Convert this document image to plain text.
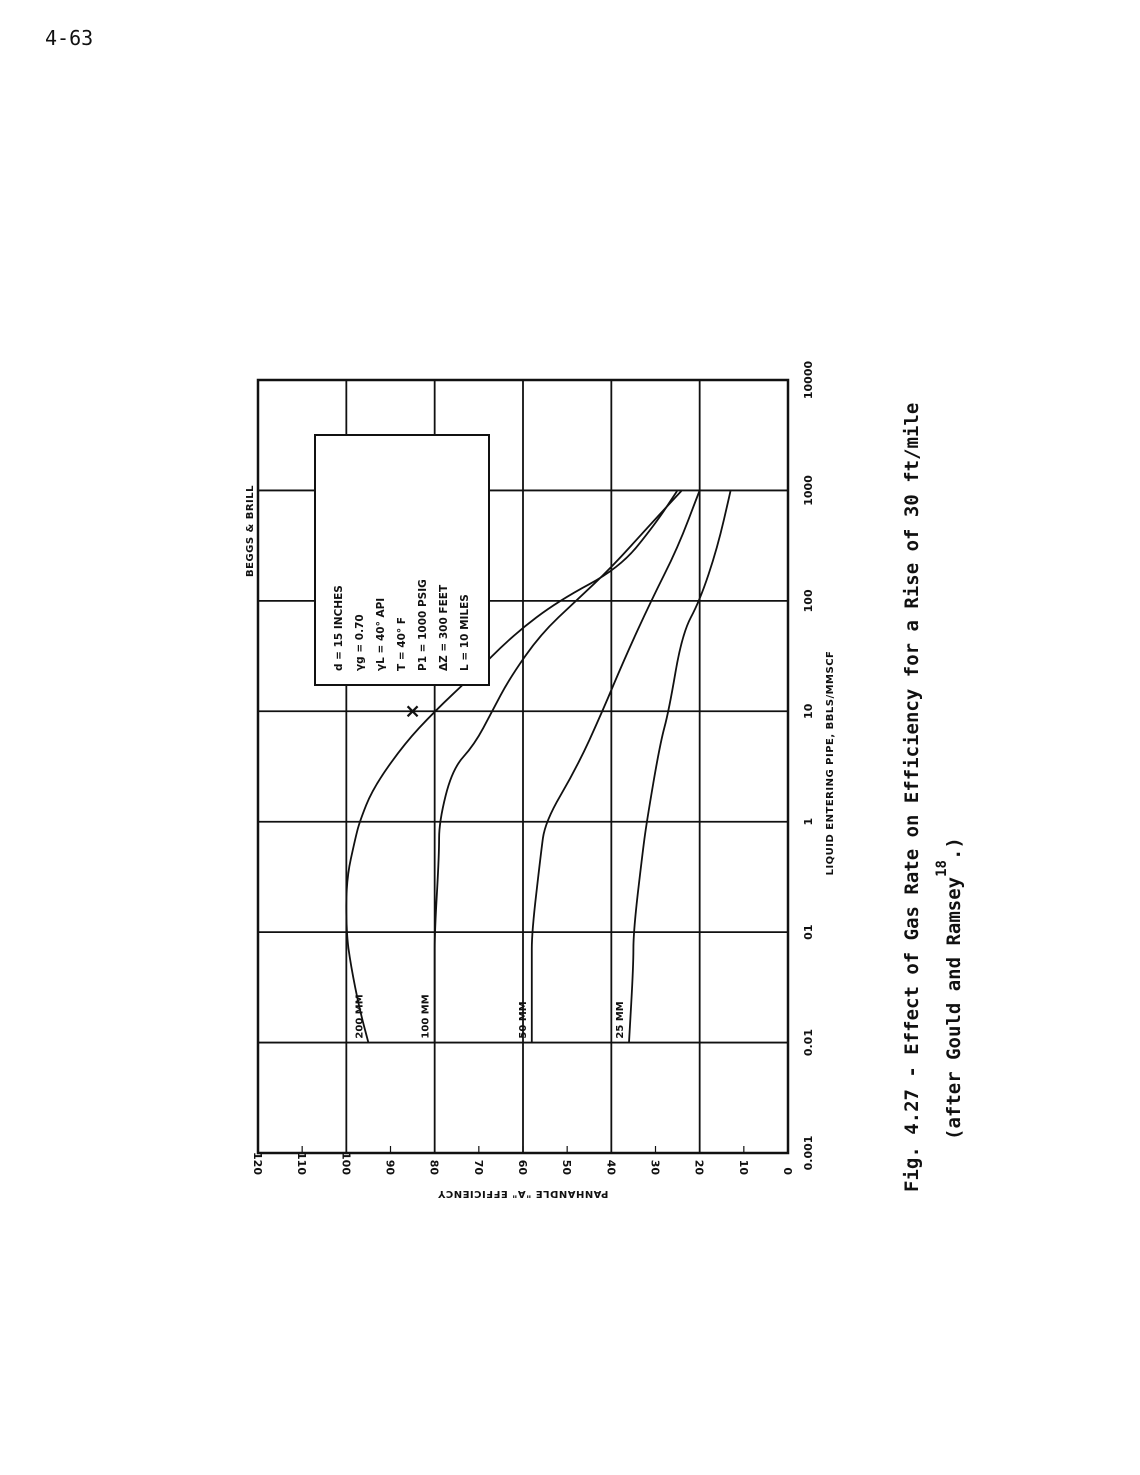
4-63
0.001
0.01
01
1
10
100
1000
10000
0
10
20
30
40
50
60
70
80
90
100
110
120
200 MM	100 MM	50 MM	25 MM
LIQUID ENTERING PIPE, BBLS/MMSCF
PANHANDLE "A" EFFICIENCY
BEGGS & BRILL
d = 15 INCHES γg = 0.70 γL = 40° API T = 40° F P1 = 1000 PSIG ΔZ = 300 FEET L = 10 MILES	Fig. 4.27 - Effect of Gas Rate on Efficiency for a Rise of 30 ft/mile	(after Gould and Ramsey$^{18}$.)
